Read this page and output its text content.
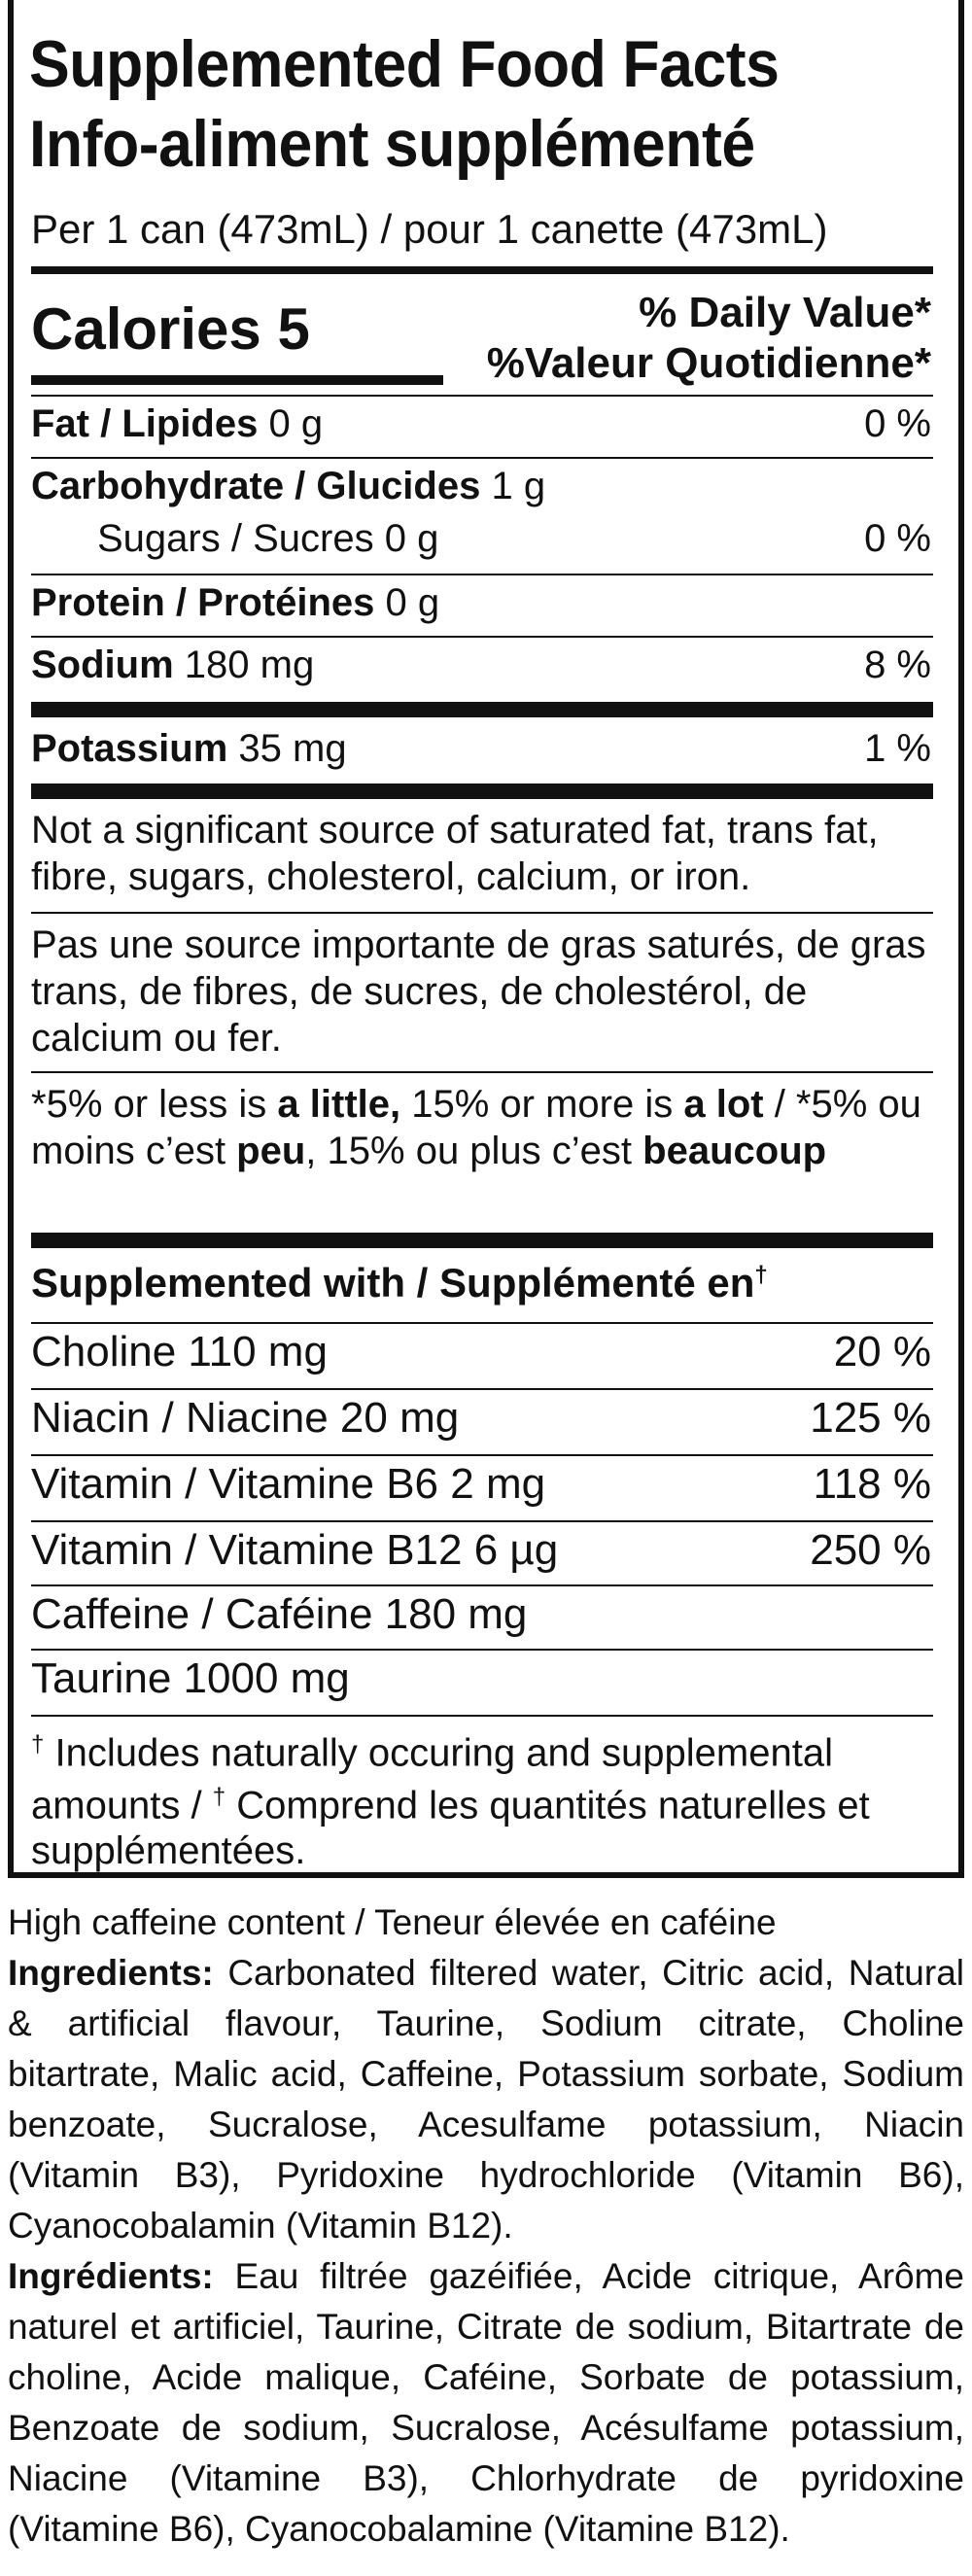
Supplemented Food Facts
Info-aliment supplémenté
Per 1 can (473mL) / pour 1 canette (473mL)
Calories 5	% Daily Value*
%Valeur Quotidienne*
Fat / Lipides 0 g	0 %
Carbohydrate / Glucides 1 g
Sugars / Sucres 0 g	0 %
Protein / Protéines 0 g
Sodium 180 mg	8 %
Potassium 35 mg	1 %
Not a significant source of saturated fat, trans fat, fibre, sugars, cholesterol, calcium, or iron.
Pas une source importante de gras saturés, de gras trans, de fibres, de sucres, de cholestérol, de calcium ou fer.
*5% or less is a little, 15% or more is a lot / *5% ou moins c’est peu, 15% ou plus c’est beaucoup
Supplemented with / Supplémenté en†
Choline 110 mg	20 %
Niacin / Niacine 20 mg	125 %
Vitamin / Vitamine B6 2 mg	118 %
Vitamin / Vitamine B12 6 µg	250 %
Caffeine / Caféine 180 mg
Taurine 1000 mg
† Includes naturally occuring and supplemental amounts / † Comprend les quantités naturelles et supplémentées.

High caffeine content / Teneur élevée en caféine

Ingredients: Carbonated filtered water, Citric acid, Natural & artificial flavour, Taurine, Sodium citrate, Choline bitartrate, Malic acid, Caffeine, Potassium sorbate, Sodium benzoate, Sucralose, Acesulfame potassium, Niacin (Vitamin B3), Pyridoxine hydrochloride (Vitamin B6), Cyanocobalamin (Vitamin B12).

Ingrédients: Eau filtrée gazéifiée, Acide citrique, Arôme naturel et artificiel, Taurine, Citrate de sodium, Bitartrate de choline, Acide malique, Caféine, Sorbate de potassium, Benzoate de sodium, Sucralose, Acésulfame potassium, Niacine (Vitamine B3), Chlorhydrate de pyridoxine (Vitamine B6), Cyanocobalamine (Vitamine B12).
